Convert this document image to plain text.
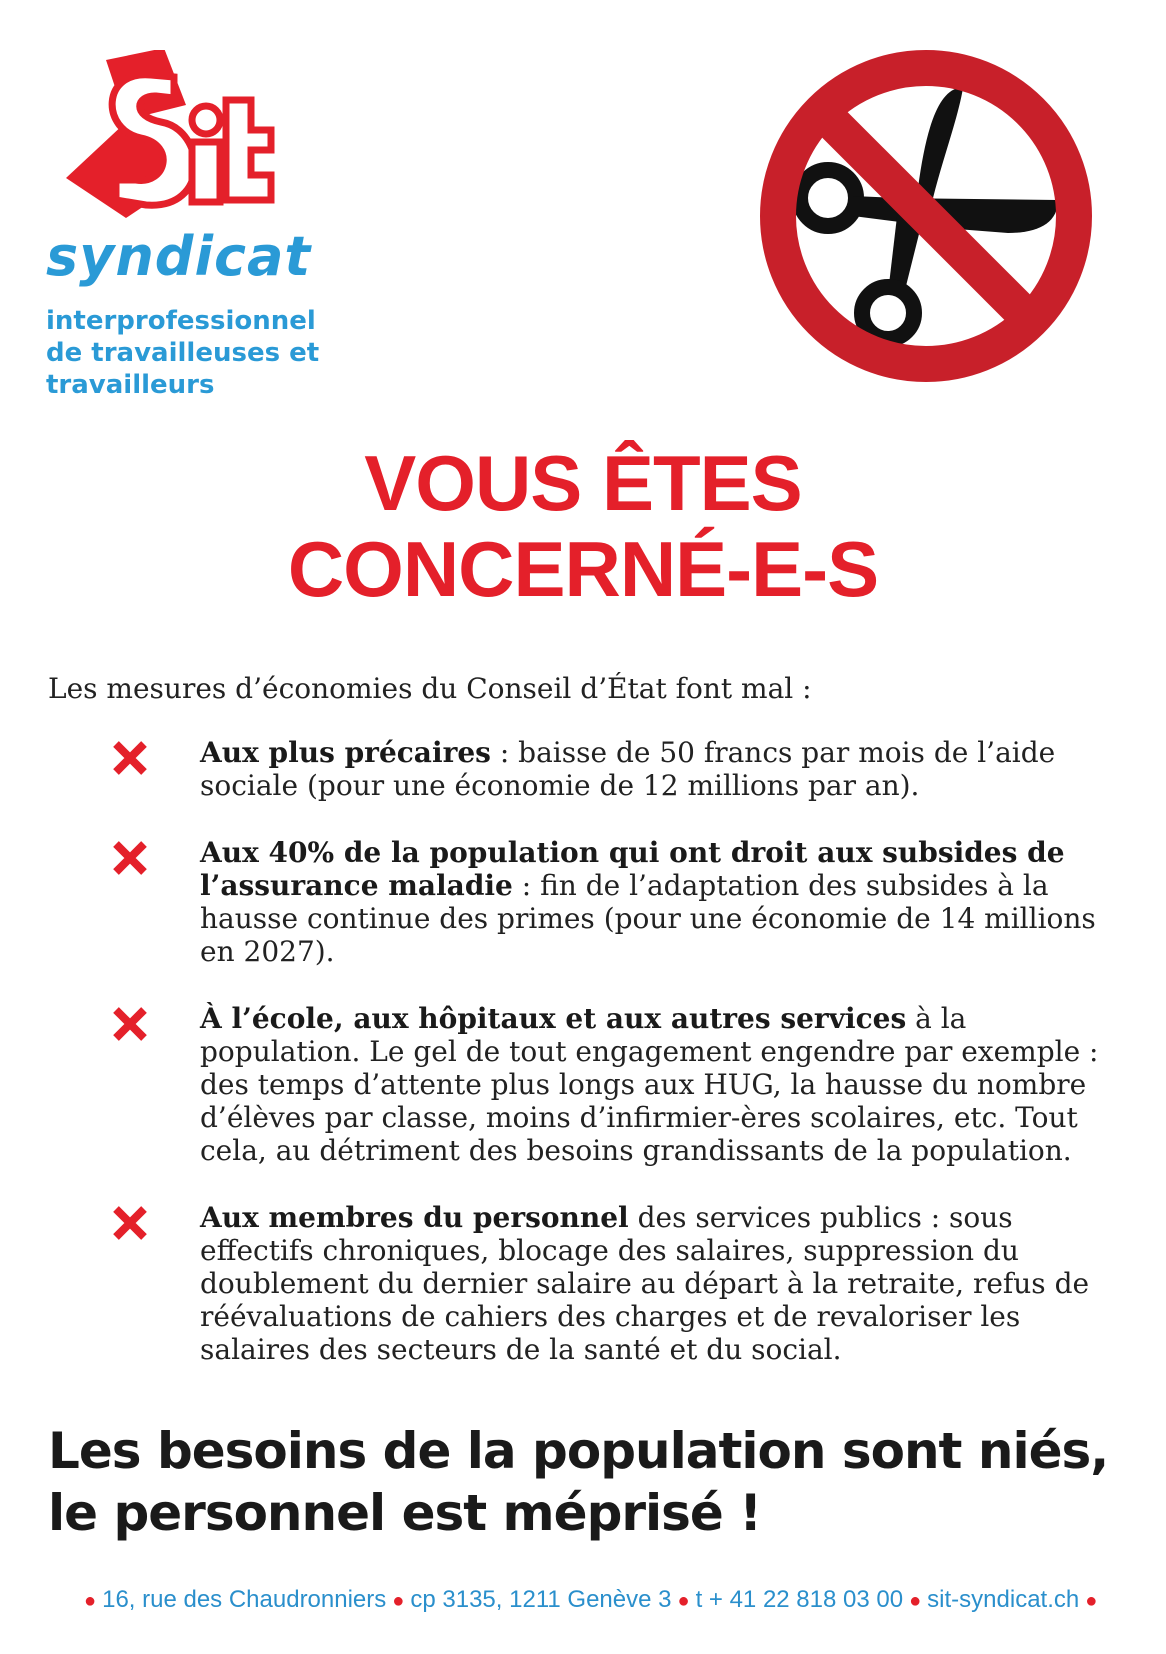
syndicat
interprofessionnel
de travailleuses et
travailleurs
VOUS ÊTES
CONCERNÉ-E-S
Les mesures d’économies du Conseil d’État font mal :
Aux plus précaires : baisse de 50 francs par mois de l’aide sociale (pour une économie de 12 millions par an).
Aux 40% de la population qui ont droit aux subsides de l’assurance maladie : fin de l’adaptation des subsides à la hausse continue des primes (pour une économie de 14 millions en 2027).
À l’école, aux hôpitaux et aux autres services à la population. Le gel de tout engagement engendre par exemple : des temps d’attente plus longs aux HUG, la hausse du nombre d’élèves par classe, moins d’infirmier-ères scolaires, etc. Tout cela, au détriment des besoins grandissants de la population.
Aux membres du personnel des services publics : sous effectifs chroniques, blocage des salaires, suppression du doublement du dernier salaire au départ à la retraite, refus de réévaluations de cahiers des charges et de revaloriser les salaires des secteurs de la santé et du social.
Les besoins de la population sont niés,
le personnel est méprisé !
● 16, rue des Chaudronniers ● cp 3135, 1211 Genève 3 ● t + 41 22 818 03 00 ● sit-syndicat.ch ●
